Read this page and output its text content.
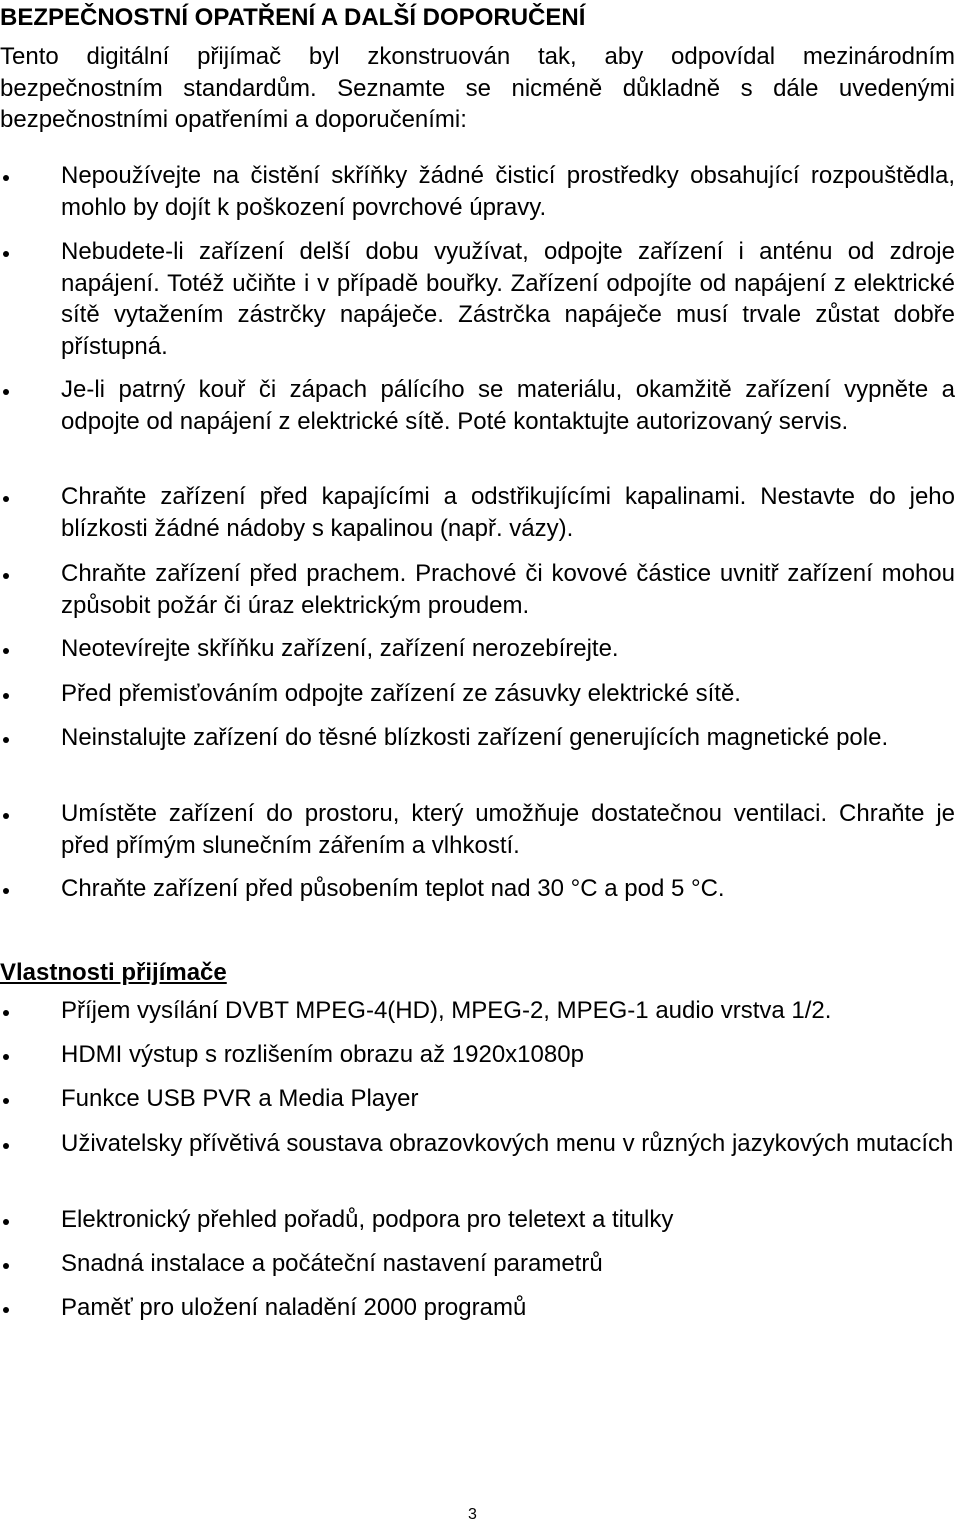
BEZPEČNOSTNÍ OPATŘENÍ A DALŠÍ DOPORUČENÍ

Tento digitální přijímač byl zkonstruován tak, aby odpovídal mezinárodním bezpečnostním standardům. Seznamte se nicméně důkladně s dále uvedenými bezpečnostními opatřeními a doporučeními:

Nepoužívejte na čistění skříňky žádné čisticí prostředky obsahující rozpouštědla, mohlo by dojít k poškození povrchové úpravy.
Nebudete-li zařízení delší dobu využívat, odpojte zařízení i anténu od zdroje napájení. Totéž učiňte i v případě bouřky. Zařízení odpojíte od napájení z elektrické sítě vytažením zástrčky napáječe. Zástrčka napáječe musí trvale zůstat dobře přístupná.
Je-li patrný kouř či zápach pálícího se materiálu, okamžitě zařízení vypněte a odpojte od napájení z elektrické sítě. Poté kontaktujte autorizovaný servis.
Chraňte zařízení před kapajícími a odstřikujícími kapalinami. Nestavte do jeho blízkosti žádné nádoby s kapalinou (např. vázy).
Chraňte zařízení před prachem. Prachové či kovové částice uvnitř zařízení mohou způsobit požár či úraz elektrickým proudem.
Neotevírejte skříňku zařízení, zařízení nerozebírejte.
Před přemisťováním odpojte zařízení ze zásuvky elektrické sítě.
Neinstalujte zařízení do těsné blízkosti zařízení generujících magnetické pole.
Umístěte zařízení do prostoru, který umožňuje dostatečnou ventilaci. Chraňte je před přímým slunečním zářením a vlhkostí.
Chraňte zařízení před působením teplot nad 30 °C a pod 5 °C.
Vlastnosti přijímače
Příjem vysílání DVBT MPEG-4(HD), MPEG-2, MPEG-1 audio vrstva 1/2.
HDMI výstup s rozlišením obrazu až 1920x1080p
Funkce USB PVR a Media Player
Uživatelsky přívětivá soustava obrazovkových menu v různých jazykových mutacích
Elektronický přehled pořadů, podpora pro teletext a titulky
Snadná instalace a počáteční nastavení parametrů
Paměť pro uložení naladění 2000 programů
3
